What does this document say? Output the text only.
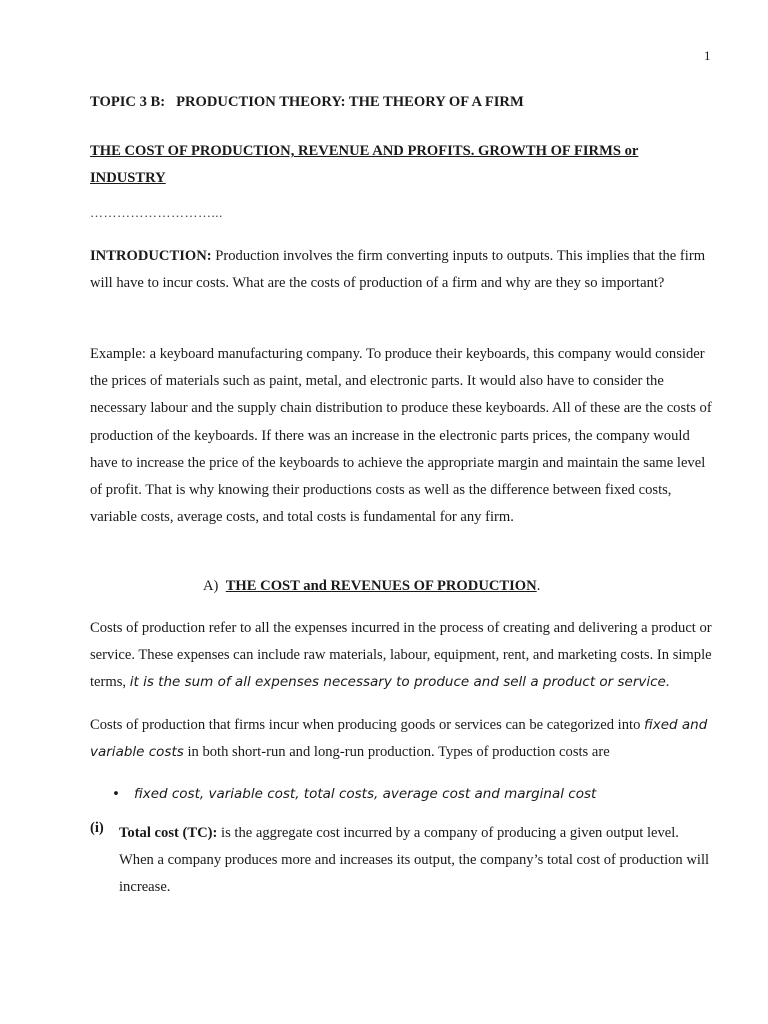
1
TOPIC 3 B:   PRODUCTION THEORY: THE THEORY OF A FIRM
THE COST OF PRODUCTION, REVENUE AND PROFITS. GROWTH OF FIRMS or INDUSTRY
………………………...

INTRODUCTION: Production involves the firm converting inputs to outputs. This implies that the firm will have to incur costs. What are the costs of production of a firm and why are they so important?

Example: a keyboard manufacturing company. To produce their keyboards, this company would consider the prices of materials such as paint, metal, and electronic parts. It would also have to consider the necessary labour and the supply chain distribution to produce these keyboards. All of these are the costs of production of the keyboards. If there was an increase in the electronic parts prices, the company would have to increase the price of the keyboards to achieve the appropriate margin and maintain the same level of profit. That is why knowing their productions costs as well as the difference between fixed costs, variable costs, average costs, and total costs is fundamental for any firm.

A) THE COST and REVENUES OF PRODUCTION.

Costs of production refer to all the expenses incurred in the process of creating and delivering a product or service. These expenses can include raw materials, labour, equipment, rent, and marketing costs. In simple terms, it is the sum of all expenses necessary to produce and sell a product or service.

Costs of production that firms incur when producing goods or services can be categorized into fixed and variable costs in both short-run and long-run production. Types of production costs are

• fixed cost, variable cost, total costs, average cost and marginal cost
(i) Total cost (TC): is the aggregate cost incurred by a company of producing a given output level. When a company produces more and increases its output, the company’s total cost of production will increase.
